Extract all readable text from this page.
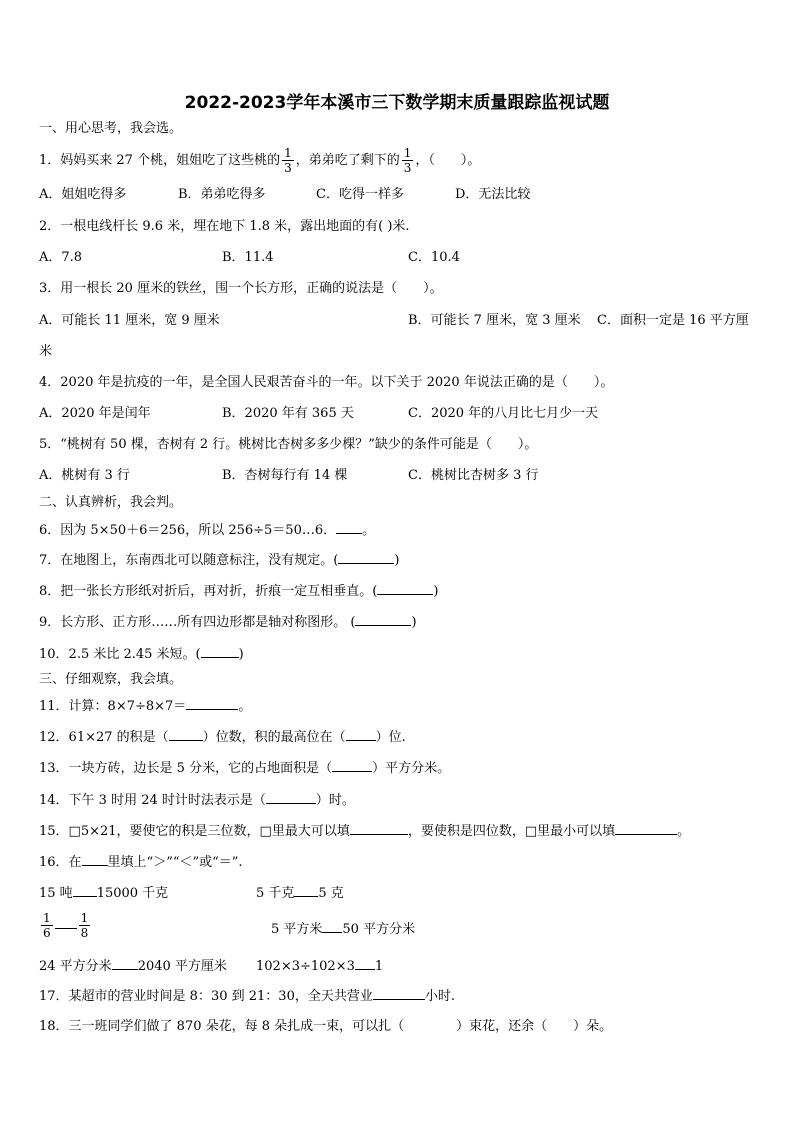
2022-2023学年本溪市三下数学期末质量跟踪监视试题
一、用心思考，我会选。
1．妈妈买来 27 个桃，姐姐吃了这些桃的 $\frac{1}{3}$ ，弟弟吃了剩下的 $\frac{1}{3}$ ，（　　）。
A．姐姐吃得多	B．弟弟吃得多	C．吃得一样多	D．无法比较
2．一根电线杆长 9.6 米，埋在地下 1.8 米，露出地面的有( )米.
A．7.8	B．11.4	C．10.4
3．用一根长 20 厘米的铁丝，围一个长方形，正确的说法是（　　）。
A．可能长 11 厘米，宽 9 厘米	B．可能长 7 厘米，宽 3 厘米 C．面积一定是 16 平方厘
米
4．2020 年是抗疫的一年，是全国人民艰苦奋斗的一年。以下关于 2020 年说法正确的是（　　）。
A．2020 年是闰年	B．2020 年有 365 天	C．2020 年的八月比七月少一天
5．“桃树有 50 棵，杏树有 2 行。桃树比杏树多多少棵？”缺少的条件可能是（　　）。
A．桃树有 3 行	B．杏树每行有 14 棵	C．桃树比杏树多 3 行
二、认真辨析，我会判。
6．因为 5×50＋6＝256，所以 256÷5＝50…6． 。
7．在地图上，东南西北可以随意标注，没有规定。(	)
8．把一张长方形纸对折后，再对折，折痕一定互相垂直。(	)
9．长方形、正方形……所有四边形都是轴对称图形。 (	)
10．2.5 米比 2.45 米短。(	)
三、仔细观察，我会填。
11．计算：8×7÷8×7＝	。
12．61×27 的积是（	）位数，积的最高位在（ ）位.
13．一块方砖，边长是 5 分米，它的占地面积是（	）平方分米。
14．下午 3 时用 24 时计时法表示是（	）时。
15．□5×21，要使它的积是三位数，□里最大可以填	，要使积是四位数，□里最小可以填	。
16．在 里填上“＞”“＜”或“＝”.
15 吨 15000 千克	5 千克 5 克
$\frac{1}{6} \frac{1}{8}$	5 平方米 50 平方分米
24 平方分米 2040 平方厘米 102×3÷102×3 1
17．某超市的营业时间是 8：30 到 21：30，全天共营业	小时.
18．三一班同学们做了 870 朵花，每 8 朵扎成一束，可以扎（　　　　）束花，还余（　　）朵。
